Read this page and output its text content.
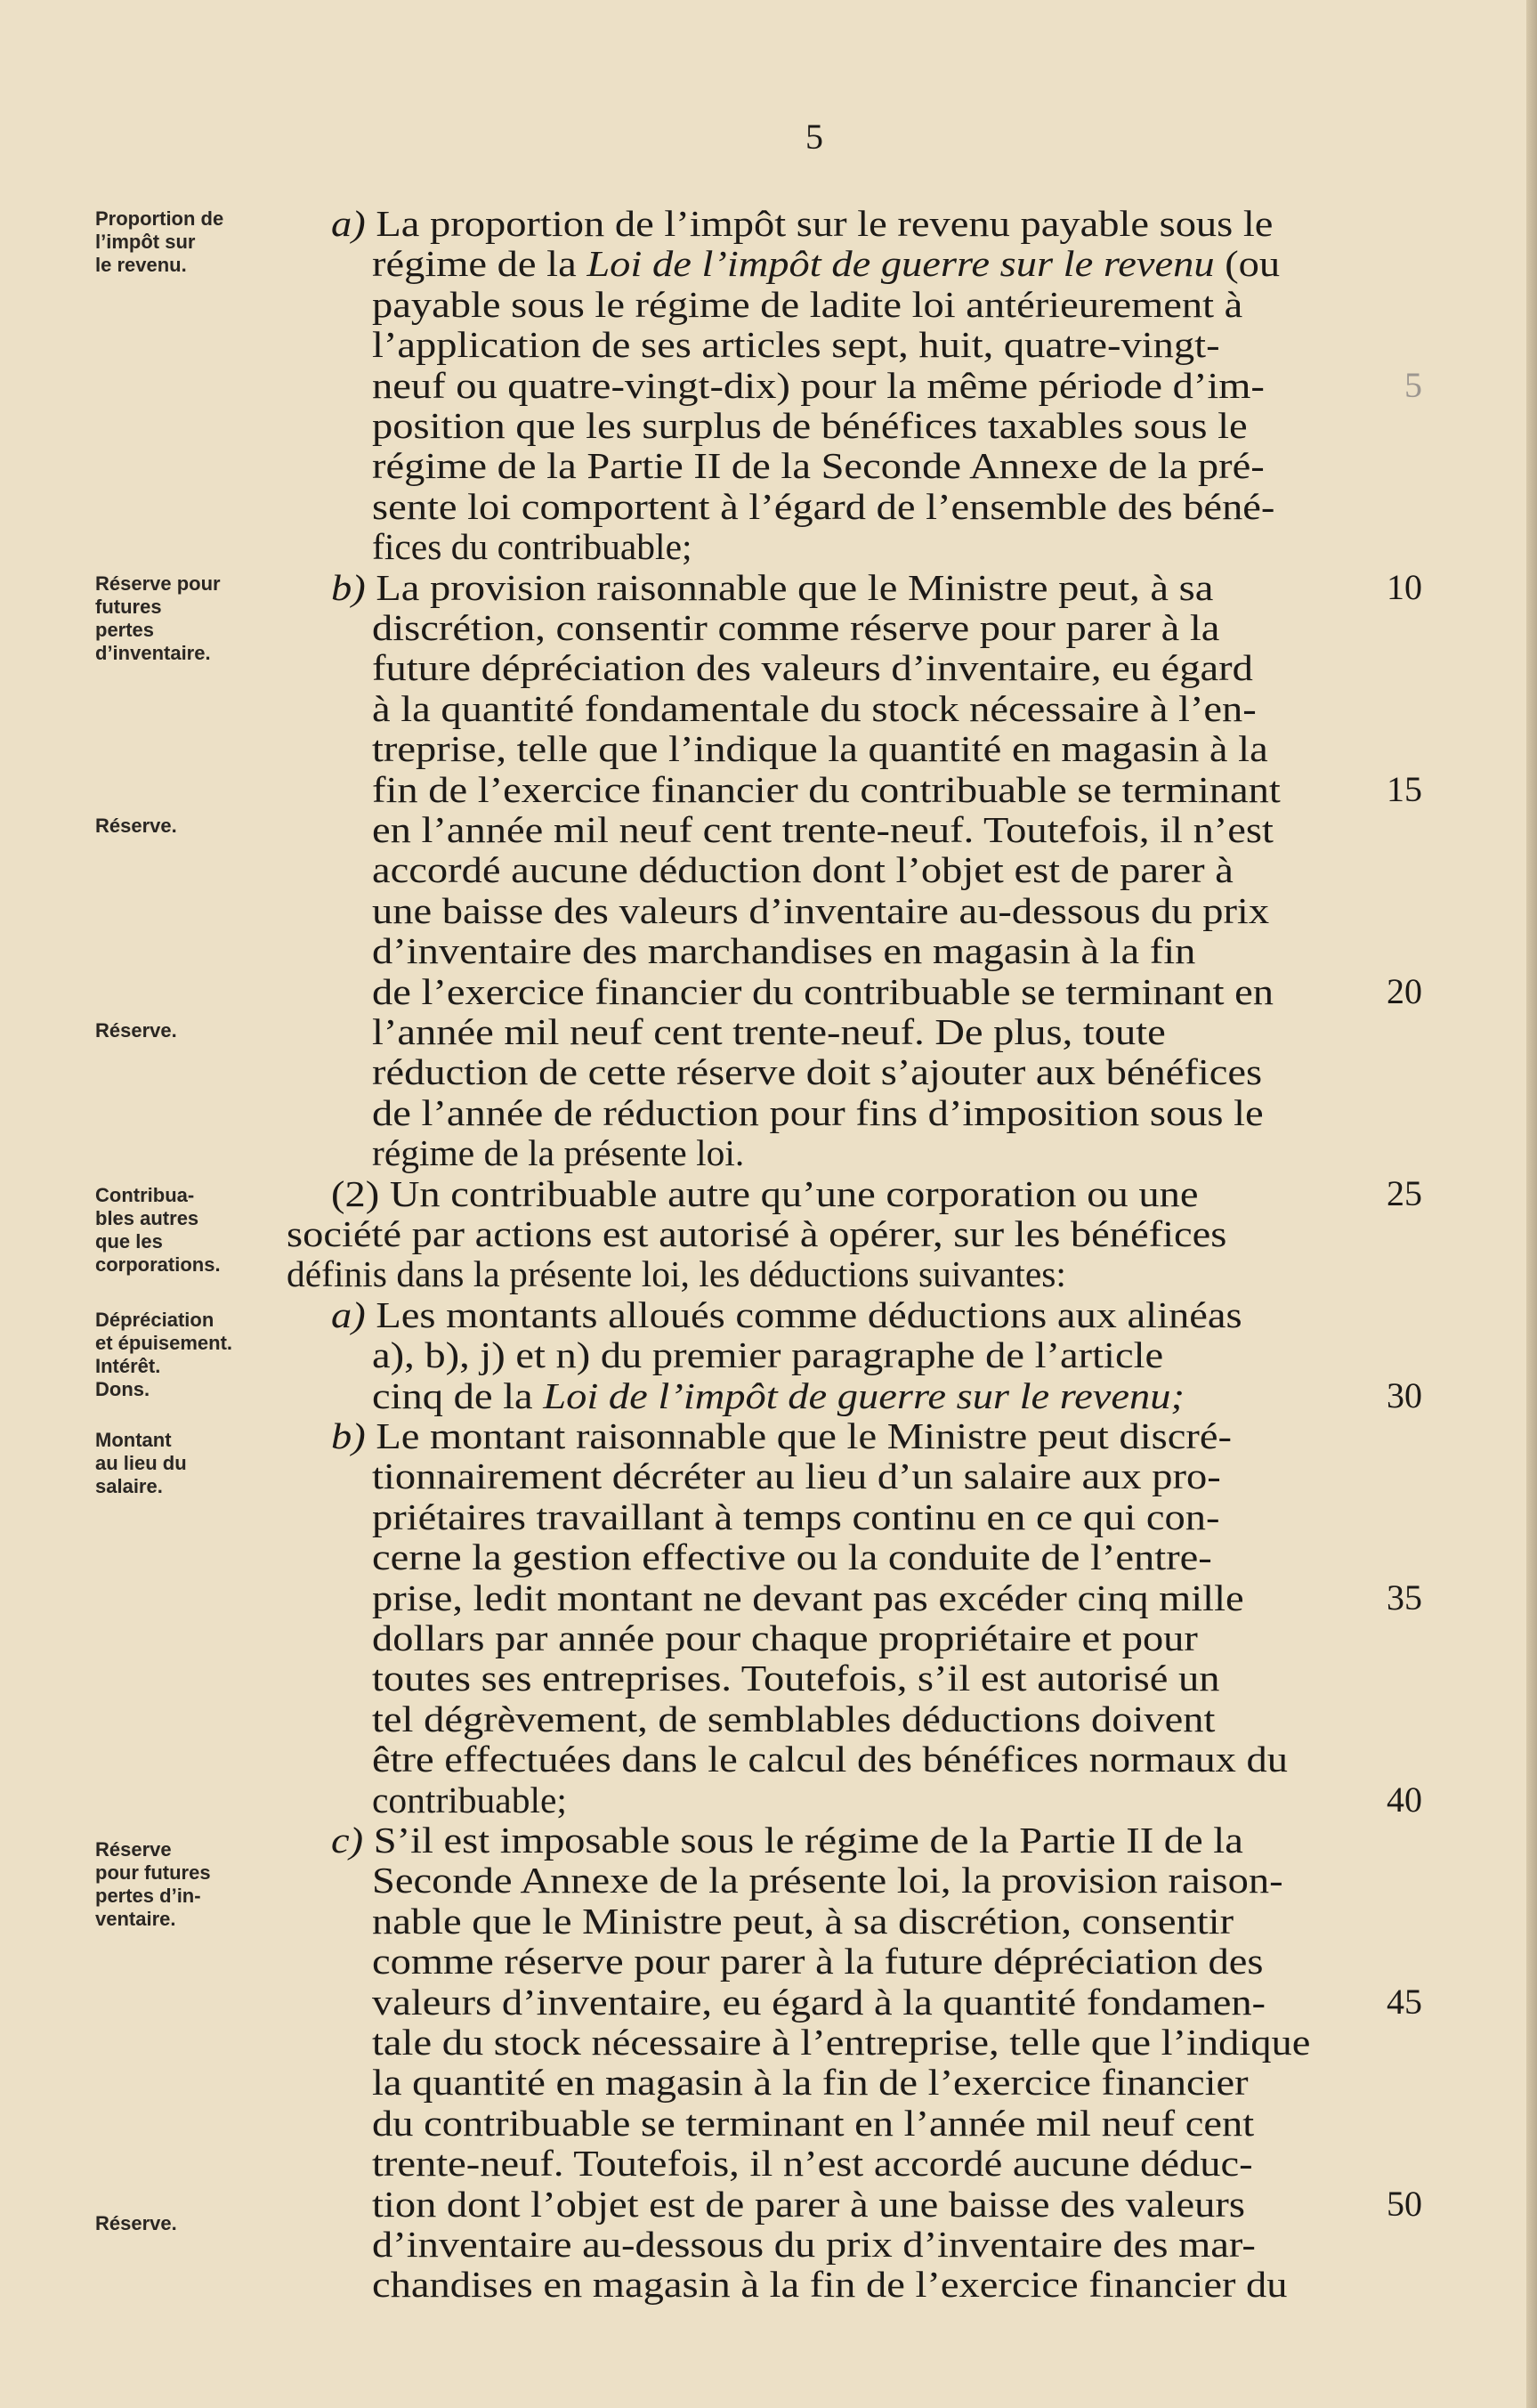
5
Proportion de
l’impôt sur
le revenu.
Réserve pour
futures
pertes
d’inventaire.
Réserve.
Réserve.
Contribua-
bles autres
que les
corporations.
Dépréciation
et épuisement.
Intérêt.
Dons.
Montant
au lieu du
salaire.
Réserve
pour futures
pertes d’in-
ventaire.
Réserve.
a) La proportion de l’impôt sur le revenu payable sous le
régime de la Loi de l’impôt de guerre sur le revenu (ou
payable sous le régime de ladite loi antérieurement à
l’application de ses articles sept, huit, quatre-vingt-
neuf ou quatre-vingt-dix) pour la même période d’im-
position que les surplus de bénéfices taxables sous le
régime de la Partie II de la Seconde Annexe de la pré-
sente loi comportent à l’égard de l’ensemble des béné-
fices du contribuable;
b) La provision raisonnable que le Ministre peut, à sa
discrétion, consentir comme réserve pour parer à la
future dépréciation des valeurs d’inventaire, eu égard
à la quantité fondamentale du stock nécessaire à l’en-
treprise, telle que l’indique la quantité en magasin à la
fin de l’exercice financier du contribuable se terminant
en l’année mil neuf cent trente-neuf. Toutefois, il n’est
accordé aucune déduction dont l’objet est de parer à
une baisse des valeurs d’inventaire au-dessous du prix
d’inventaire des marchandises en magasin à la fin
de l’exercice financier du contribuable se terminant en
l’année mil neuf cent trente-neuf. De plus, toute
réduction de cette réserve doit s’ajouter aux bénéfices
de l’année de réduction pour fins d’imposition sous le
régime de la présente loi.
(2) Un contribuable autre qu’une corporation ou une
société par actions est autorisé à opérer, sur les bénéfices
définis dans la présente loi, les déductions suivantes:
a) Les montants alloués comme déductions aux alinéas
a), b), j) et n) du premier paragraphe de l’article
cinq de la Loi de l’impôt de guerre sur le revenu;
b) Le montant raisonnable que le Ministre peut discré-
tionnairement décréter au lieu d’un salaire aux pro-
priétaires travaillant à temps continu en ce qui con-
cerne la gestion effective ou la conduite de l’entre-
prise, ledit montant ne devant pas excéder cinq mille
dollars par année pour chaque propriétaire et pour
toutes ses entreprises. Toutefois, s’il est autorisé un
tel dégrèvement, de semblables déductions doivent
être effectuées dans le calcul des bénéfices normaux du
contribuable;
c) S’il est imposable sous le régime de la Partie II de la
Seconde Annexe de la présente loi, la provision raison-
nable que le Ministre peut, à sa discrétion, consentir
comme réserve pour parer à la future dépréciation des
valeurs d’inventaire, eu égard à la quantité fondamen-
tale du stock nécessaire à l’entreprise, telle que l’indique
la quantité en magasin à la fin de l’exercice financier
du contribuable se terminant en l’année mil neuf cent
trente-neuf. Toutefois, il n’est accordé aucune déduc-
tion dont l’objet est de parer à une baisse des valeurs
d’inventaire au-dessous du prix d’inventaire des mar-
chandises en magasin à la fin de l’exercice financier du
5
10
15
20
25
30
35
40
45
50
